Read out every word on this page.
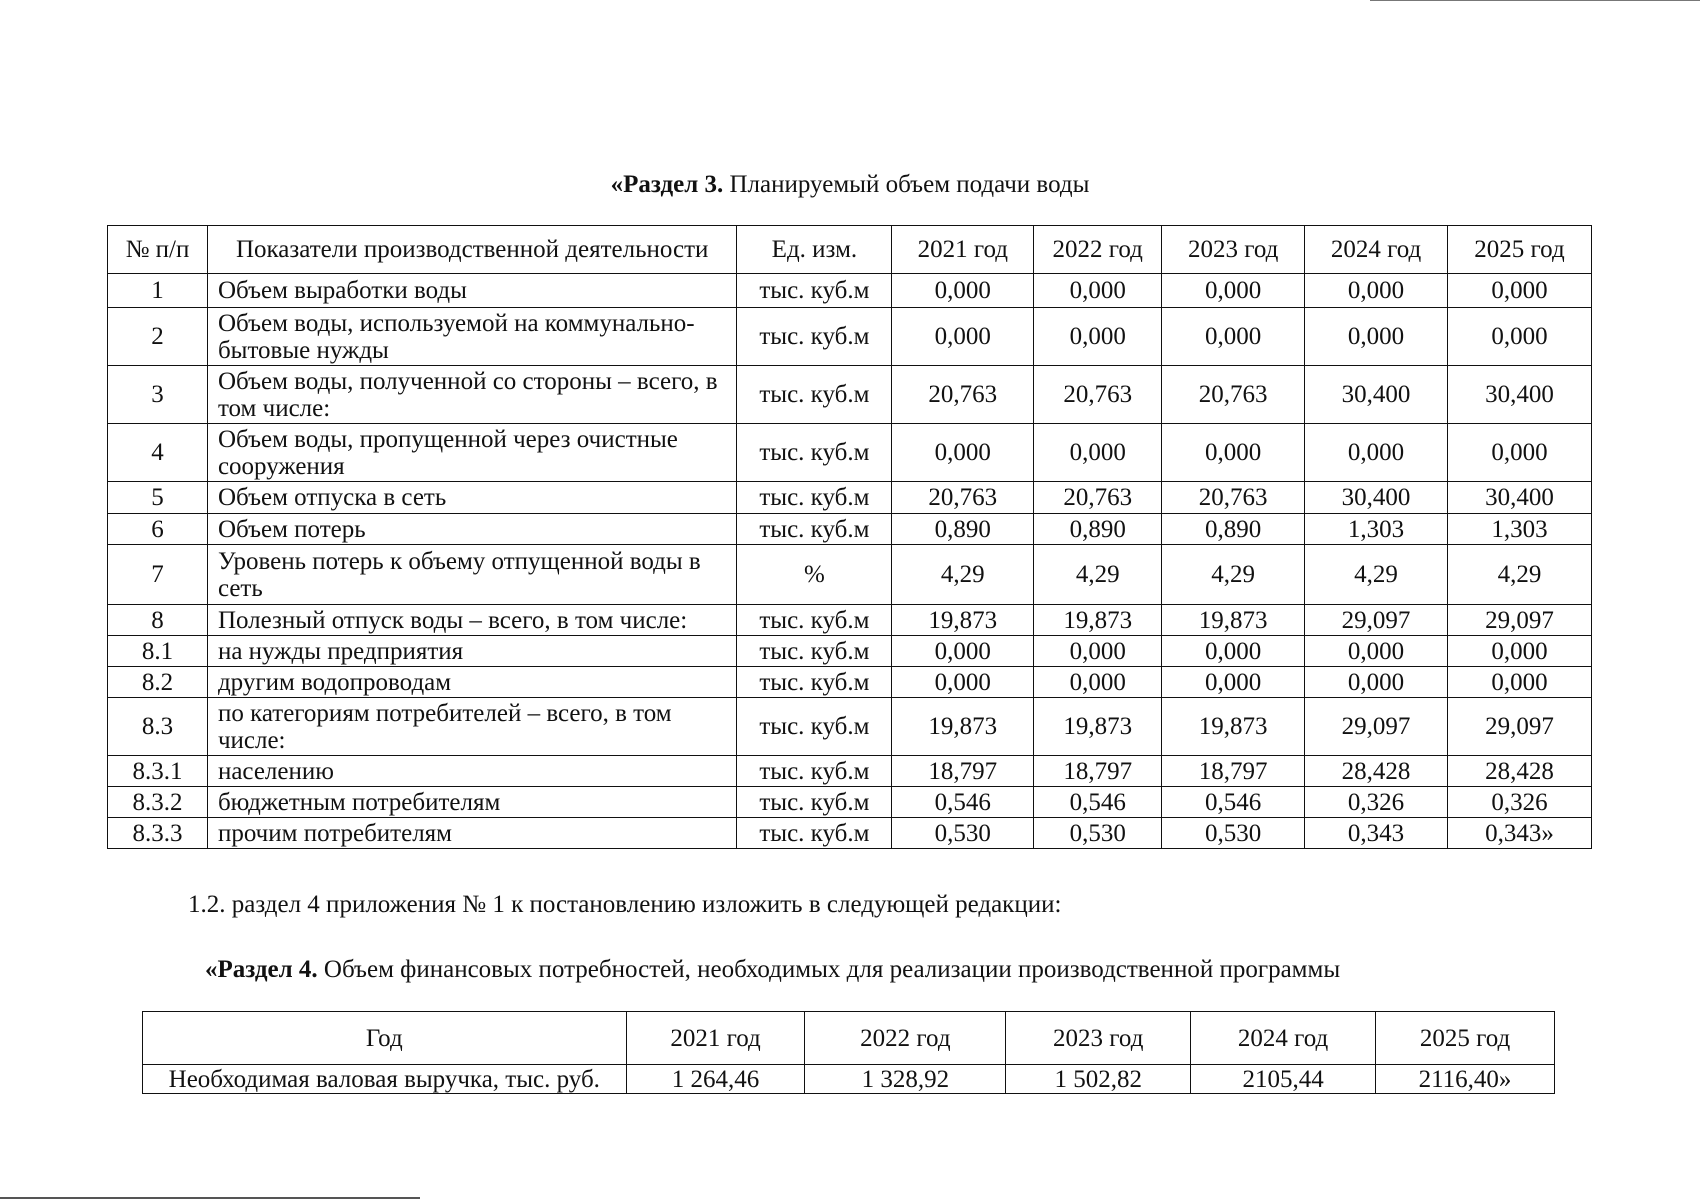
«Раздел 3. Планируемый объем подачи воды
№ п/п	Показатели производственной деятельности	Ед. изм.	2021 год	2022 год	2023 год	2024 год	2025 год
1	Объем выработки воды	тыс. куб.м	0,000	0,000	0,000	0,000	0,000
2	Объем воды, используемой на коммунально-бытовые нужды	тыс. куб.м	0,000	0,000	0,000	0,000	0,000
3	Объем воды, полученной со стороны – всего, в том числе:	тыс. куб.м	20,763	20,763	20,763	30,400	30,400
4	Объем воды, пропущенной через очистные сооружения	тыс. куб.м	0,000	0,000	0,000	0,000	0,000
5	Объем отпуска в сеть	тыс. куб.м	20,763	20,763	20,763	30,400	30,400
6	Объем потерь	тыс. куб.м	0,890	0,890	0,890	1,303	1,303
7	Уровень потерь к объему отпущенной воды в сеть	%	4,29	4,29	4,29	4,29	4,29
8	Полезный отпуск воды – всего, в том числе:	тыс. куб.м	19,873	19,873	19,873	29,097	29,097
8.1	на нужды предприятия	тыс. куб.м	0,000	0,000	0,000	0,000	0,000
8.2	другим водопроводам	тыс. куб.м	0,000	0,000	0,000	0,000	0,000
8.3	по категориям потребителей – всего, в том числе:	тыс. куб.м	19,873	19,873	19,873	29,097	29,097
8.3.1	населению	тыс. куб.м	18,797	18,797	18,797	28,428	28,428
8.3.2	бюджетным потребителям	тыс. куб.м	0,546	0,546	0,546	0,326	0,326
8.3.3	прочим потребителям	тыс. куб.м	0,530	0,530	0,530	0,343	0,343»
1.2. раздел 4 приложения № 1 к постановлению изложить в следующей редакции:
«Раздел 4. Объем финансовых потребностей, необходимых для реализации производственной программы
Год	2021 год	2022 год	2023 год	2024 год	2025 год
Необходимая валовая выручка, тыс. руб.	1 264,46	1 328,92	1 502,82	2105,44	2116,40»
